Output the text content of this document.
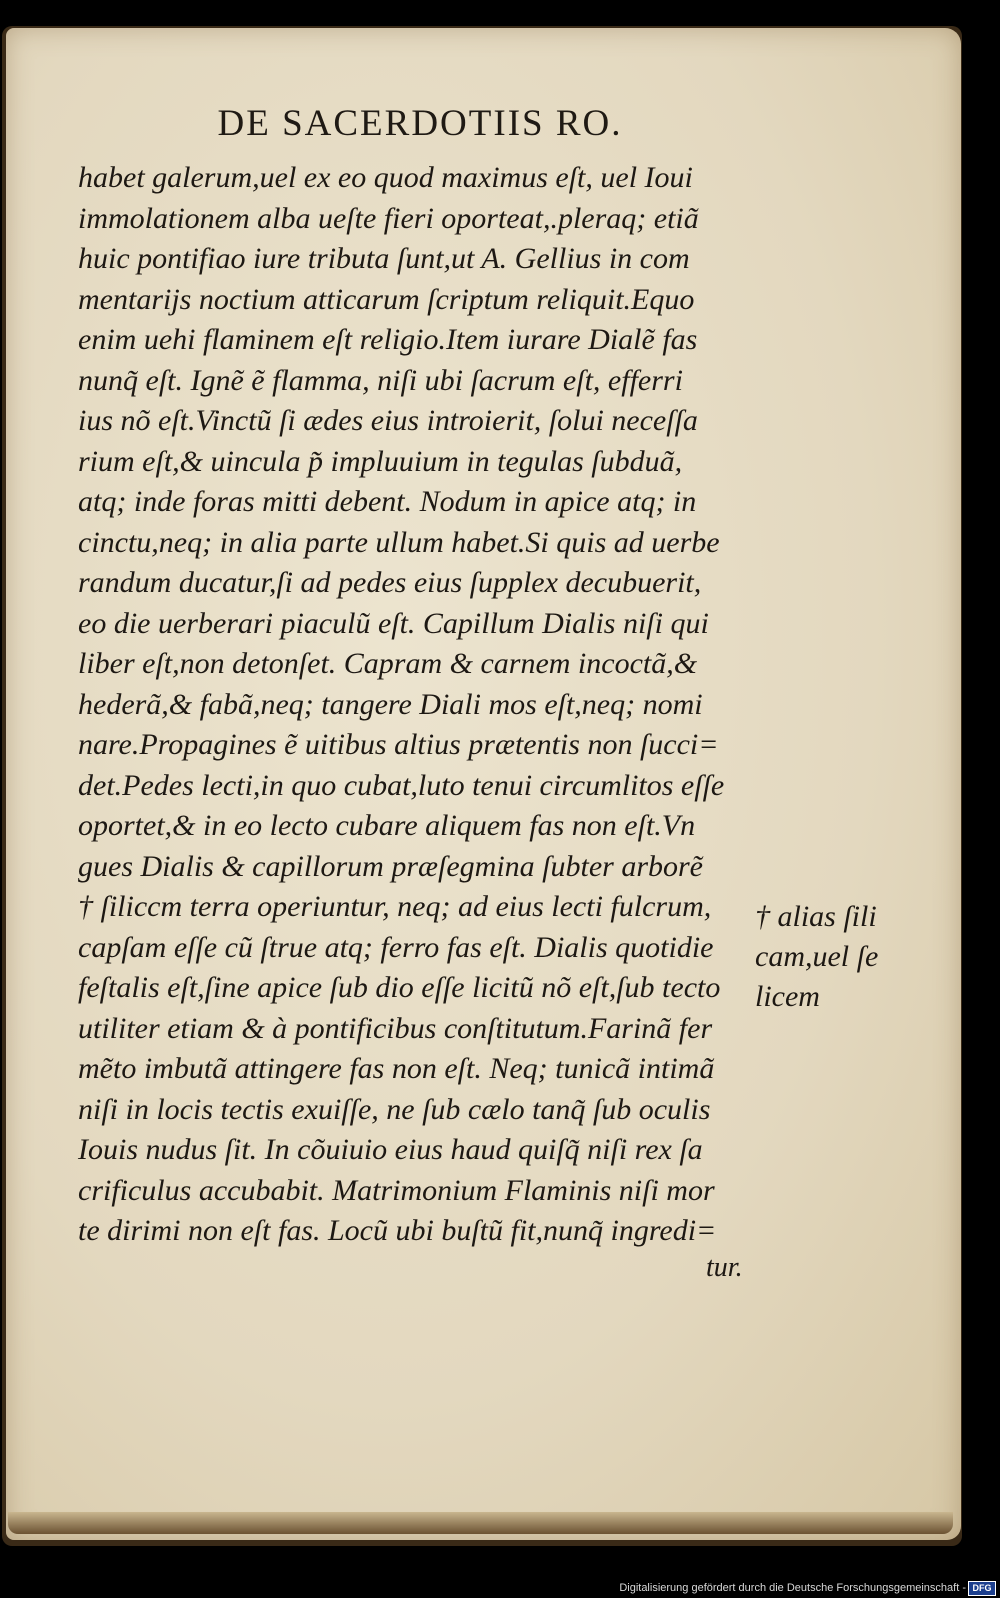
DE SACERDOTIIS RO.
habet galerum,uel ex eo quod maximus eſt, uel Ioui
immolationem alba ueſte fieri oporteat,.pleraq; etiã
huic pontifiao iure tributa ſunt,ut A. Gellius in com
mentarijs noctium atticarum ſcriptum reliquit.Equo
enim uehi flaminem eſt religio.Item iurare Dialẽ fas
nunq̃ eſt. Ignẽ ẽ flamma, niſi ubi ſacrum eſt, efferri
ius nõ eſt.Vinctũ ſi ædes eius introierit, ſolui neceſſa
rium eſt,& uincula p̃ impluuium in tegulas ſubduã,
atq; inde foras mitti debent. Nodum in apice atq; in
cinctu,neq; in alia parte ullum habet.Si quis ad uerbe
randum ducatur,ſi ad pedes eius ſupplex decubuerit,
eo die uerberari piaculũ eſt. Capillum Dialis niſi qui
liber eſt,non detonſet. Capram & carnem incoctã,&
hederã,& fabã,neq; tangere Diali mos eſt,neq; nomi
nare.Propagines ẽ uitibus altius prætentis non ſucci=
det.Pedes lecti,in quo cubat,luto tenui circumlitos eſſe
oportet,& in eo lecto cubare aliquem fas non eſt.Vn
gues Dialis & capillorum præſegmina ſubter arborẽ
† ſiliccm terra operiuntur, neq; ad eius lecti fulcrum,
capſam eſſe cũ ſtrue atq; ferro fas eſt. Dialis quotidie
feſtalis eſt,ſine apice ſub dio eſſe licitũ nõ eſt,ſub tecto
utiliter etiam & à pontificibus conſtitutum.Farinã fer
mẽto imbutã attingere fas non eſt. Neq; tunicã intimã
niſi in locis tectis exuiſſe, ne ſub cælo tanq̃ ſub oculis
Iouis nudus ſit. In cõuiuio eius haud quiſq̃ niſi rex ſa
crificulus accubabit. Matrimonium Flaminis niſi mor
te dirimi non eſt fas. Locũ ubi buſtũ fit,nunq̃ ingredi=
† alias ſili
cam,uel ſe
licem
tur.
Digitalisierung gefördert durch die Deutsche Forschungsgemeinschaft - DFG
